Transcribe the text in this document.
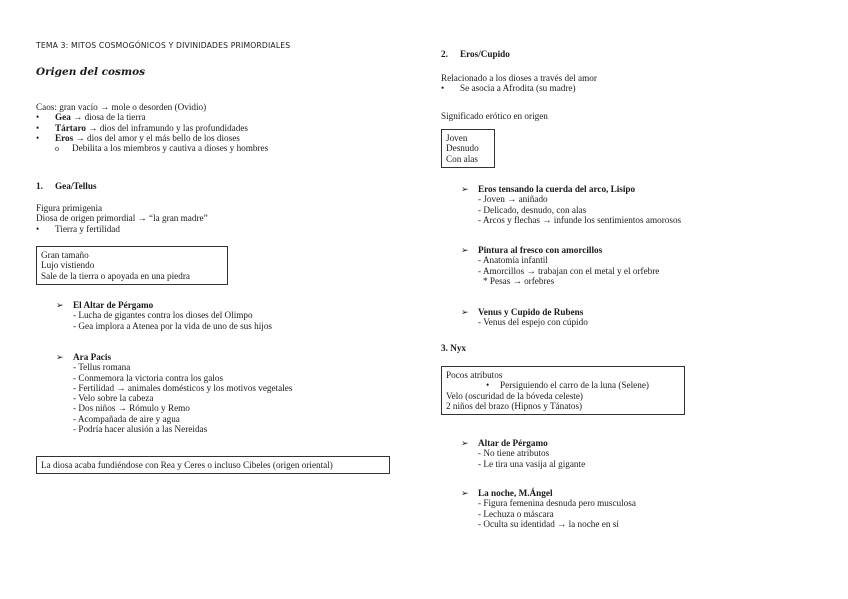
TEMA 3: MITOS COSMOGÓNICOS Y DIVINIDADES PRIMORDIALES
Origen del cosmos
Caos: gran vacío → mole o desorden (Ovidio)
• Gea → diosa de la tierra
• Tártaro → dios del inframundo y las profundidades
• Eros → dios del amor y el más bello de los dioses
o Debilita a los miembros y cautiva a dioses y hombres
1. Gea/Tellus
Figura primigenia
Diosa de origen primordial → “la gran madre”
• Tierra y fertilidad
Gran tamaño
Lujo vistiendo
Sale de la tierra o apoyada en una piedra
➢ El Altar de Pérgamo
- Lucha de gigantes contra los dioses del Olimpo
- Gea implora a Atenea por la vida de uno de sus hijos
➢ Ara Pacis
- Tellus romana
- Conmemora la victoria contra los galos
- Fertilidad → animales domésticos y los motivos vegetales
- Velo sobre la cabeza
- Dos niños → Rómulo y Remo
- Acompañada de aire y agua
- Podría hacer alusión a las Nereidas
La diosa acaba fundiéndose con Rea y Ceres o incluso Cibeles (origen oriental)
2. Eros/Cupido
Relacionado a los dioses a través del amor
• Se asocia a Afrodita (su madre)
Significado erótico en origen
Joven
Desnudo
Con alas
➢ Eros tensando la cuerda del arco, Lisipo
- Joven → aniñado
- Delicado, desnudo, con alas
- Arcos y flechas → infunde los sentimientos amorosos
➢ Pintura al fresco con amorcillos
- Anatomía infantil
- Amorcillos → trabajan con el metal y el orfebre
* Pesas → orfebres
➢ Venus y Cupido de Rubens
- Venus del espejo con cúpido
3. Nyx
Pocos atributos
• Persiguiendo el carro de la luna (Selene)
Velo (oscuridad de la bóveda celeste)
2 niños del brazo (Hipnos y Tánatos)
➢ Altar de Pérgamo
- No tiene atributos
- Le tira una vasija al gigante
➢ La noche, M.Ángel
- Figura femenina desnuda pero musculosa
- Lechuza o máscara
- Oculta su identidad → la noche en sí
